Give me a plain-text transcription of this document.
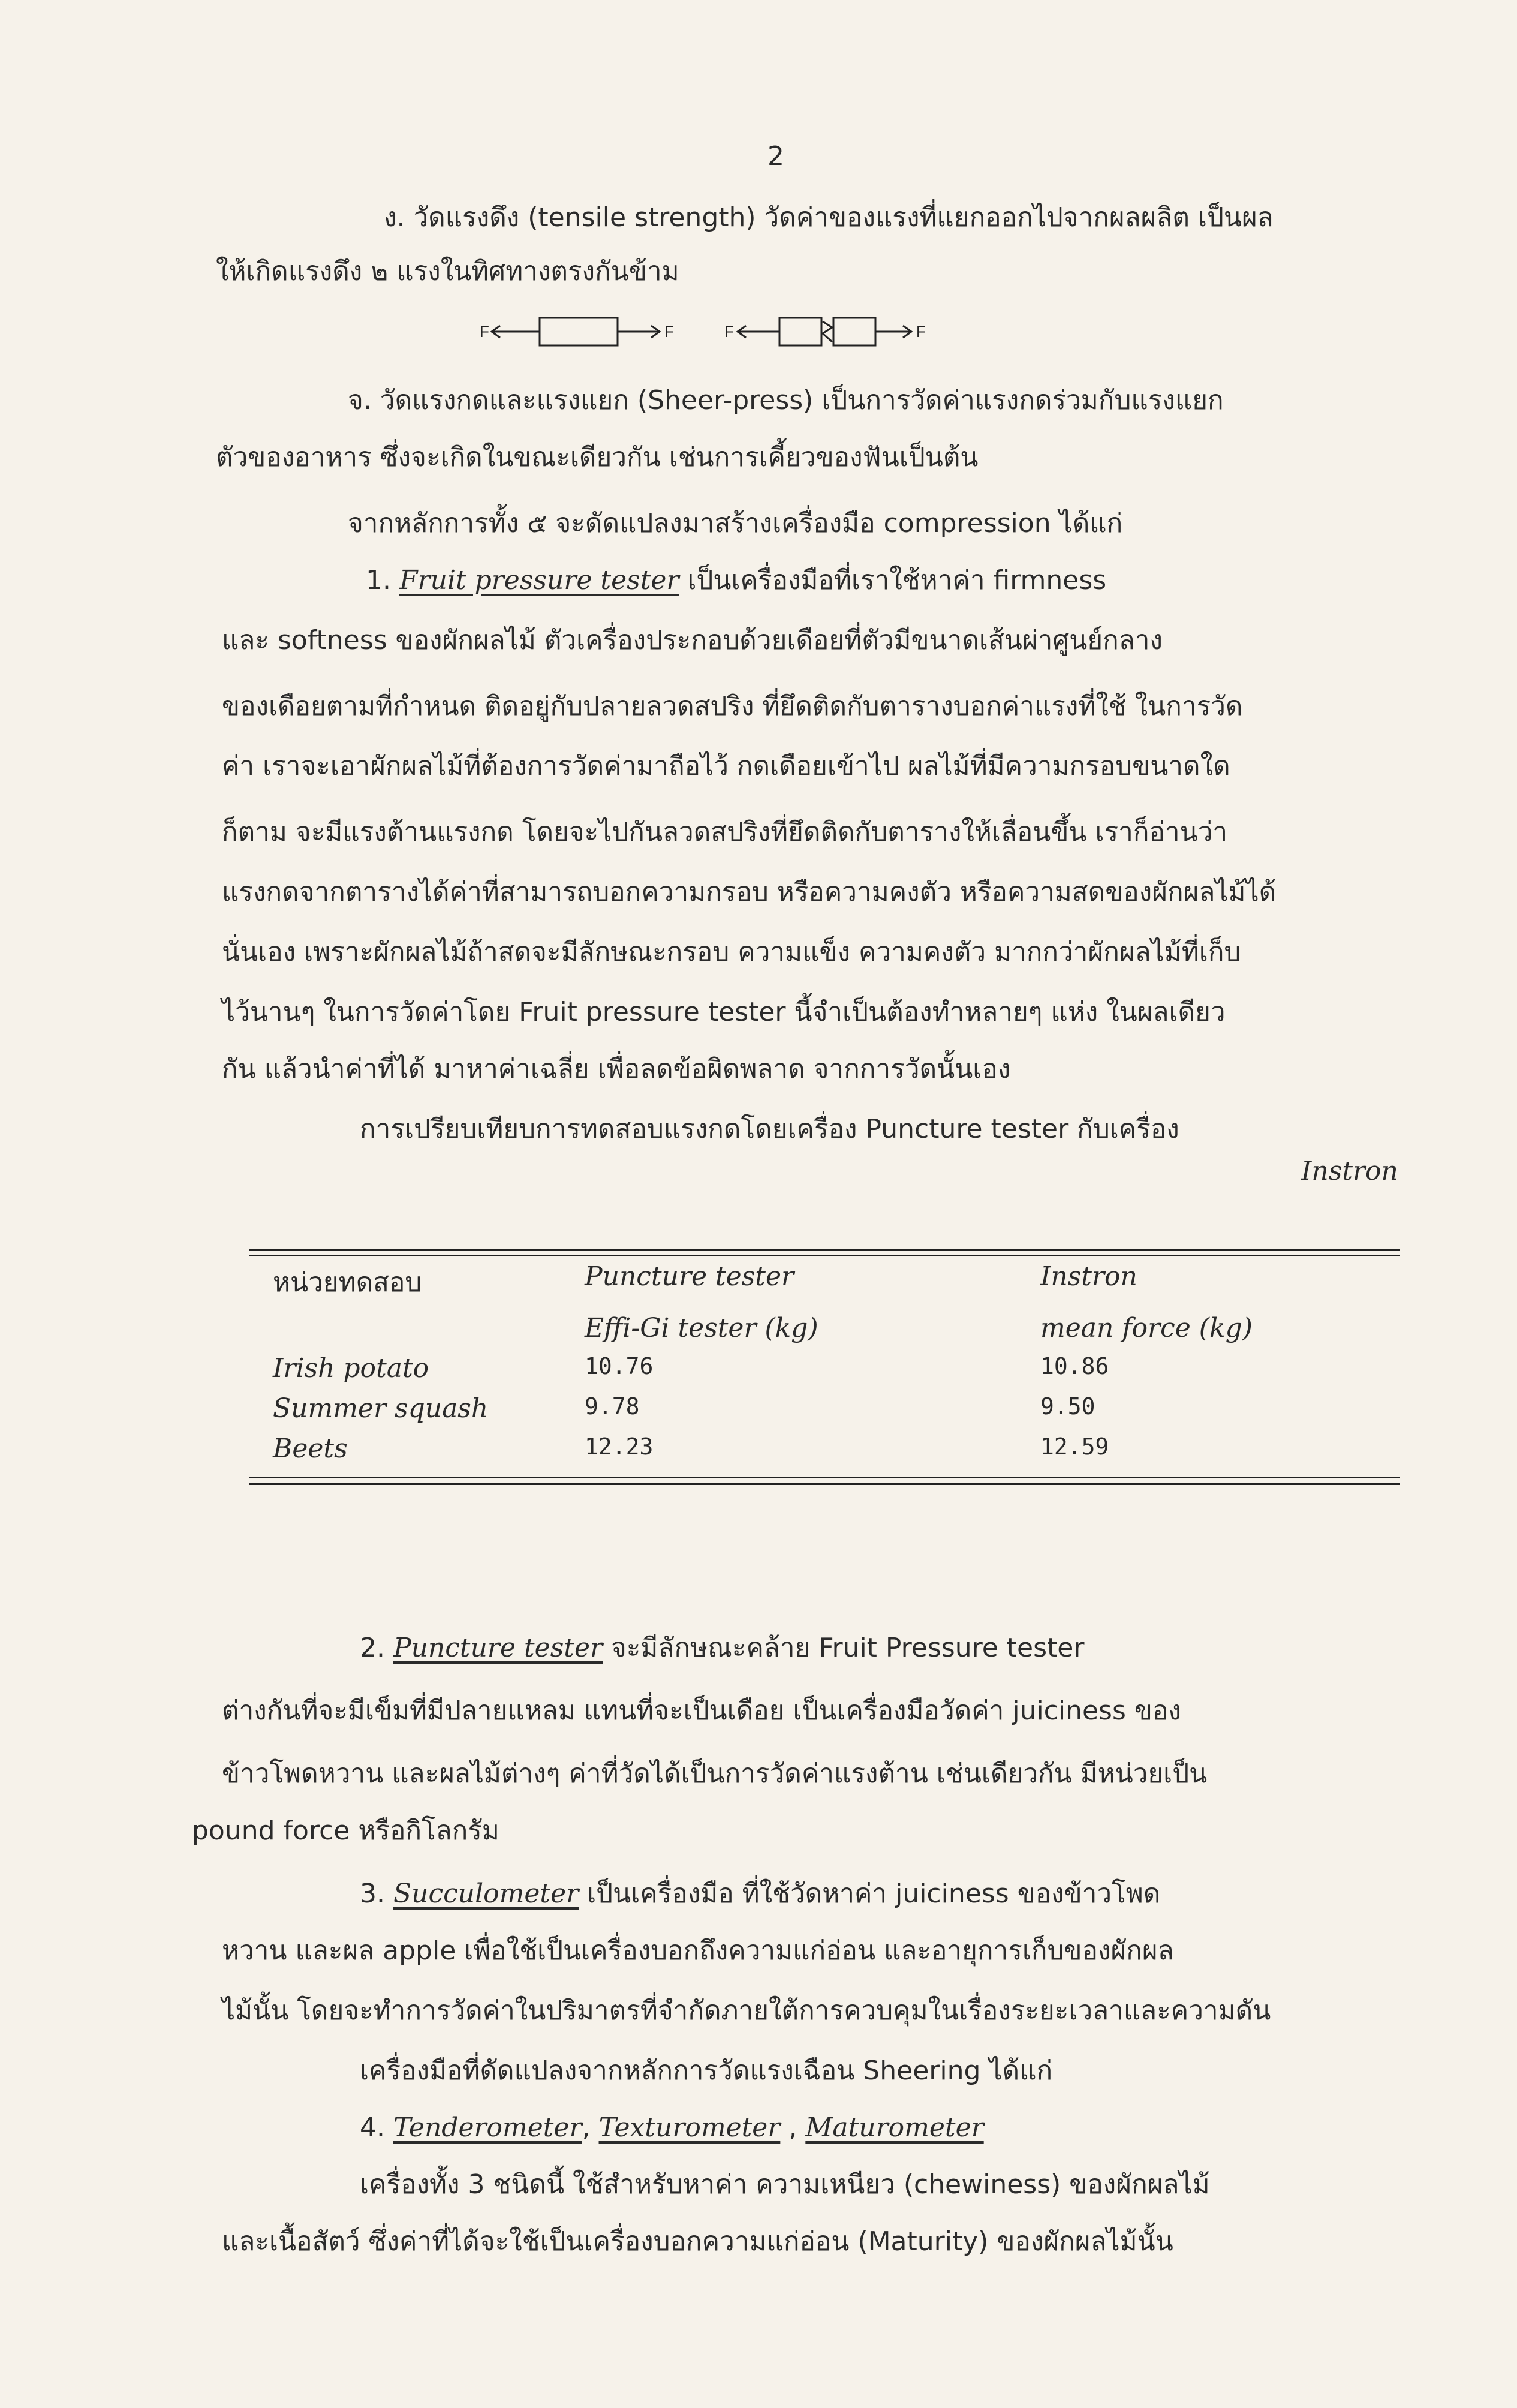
2
ง. วัดแรงดึง (tensile strength) วัดค่าของแรงที่แยกออกไปจากผลผลิต เป็นผล
ให้เกิดแรงดึง ๒ แรงในทิศทางตรงกันข้าม
F	F	F	F
จ. วัดแรงกดและแรงแยก (Sheer-press) เป็นการวัดค่าแรงกดร่วมกับแรงแยก
ตัวของอาหาร ซึ่งจะเกิดในขณะเดียวกัน เช่นการเคี้ยวของฟันเป็นต้น
จากหลักการทั้ง ๕ จะดัดแปลงมาสร้างเครื่องมือ compression ได้แก่
1. Fruit pressure tester เป็นเครื่องมือที่เราใช้หาค่า firmness
และ softness ของผักผลไม้ ตัวเครื่องประกอบด้วยเดือยที่ตัวมีขนาดเส้นผ่าศูนย์กลาง
ของเดือยตามที่กำหนด ติดอยู่กับปลายลวดสปริง ที่ยึดติดกับตารางบอกค่าแรงที่ใช้ ในการวัด
ค่า เราจะเอาผักผลไม้ที่ต้องการวัดค่ามาถือไว้ กดเดือยเข้าไป ผลไม้ที่มีความกรอบขนาดใด
ก็ตาม จะมีแรงต้านแรงกด โดยจะไปกันลวดสปริงที่ยึดติดกับตารางให้เลื่อนขึ้น เราก็อ่านว่า
แรงกดจากตารางได้ค่าที่สามารถบอกความกรอบ หรือความคงตัว หรือความสดของผักผลไม้ได้
นั่นเอง เพราะผักผลไม้ถ้าสดจะมีลักษณะกรอบ ความแข็ง ความคงตัว มากกว่าผักผลไม้ที่เก็บ
ไว้นานๆ ในการวัดค่าโดย Fruit pressure tester นี้จำเป็นต้องทำหลายๆ แห่ง ในผลเดียว
กัน แล้วนำค่าที่ได้ มาหาค่าเฉลี่ย เพื่อลดข้อผิดพลาด จากการวัดนั้นเอง
การเปรียบเทียบการทดสอบแรงกดโดยเครื่อง Puncture tester กับเครื่อง
Instron
หน่วยทดสอบ	Puncture tester	Instron
	Effi-Gi tester (kg)	mean force (kg)
Irish potato	10.76	10.86
Summer squash	9.78	9.50
Beets	12.23	12.59
2. Puncture tester จะมีลักษณะคล้าย Fruit Pressure tester
ต่างกันที่จะมีเข็มที่มีปลายแหลม แทนที่จะเป็นเดือย เป็นเครื่องมือวัดค่า juiciness ของ
ข้าวโพดหวาน และผลไม้ต่างๆ ค่าที่วัดได้เป็นการวัดค่าแรงต้าน เช่นเดียวกัน มีหน่วยเป็น
pound force หรือกิโลกรัม
3. Succulometer เป็นเครื่องมือ ที่ใช้วัดหาค่า juiciness ของข้าวโพด
หวาน และผล apple เพื่อใช้เป็นเครื่องบอกถึงความแก่อ่อน และอายุการเก็บของผักผล
ไม้นั้น โดยจะทำการวัดค่าในปริมาตรที่จำกัดภายใต้การควบคุมในเรื่องระยะเวลาและความดัน
เครื่องมือที่ดัดแปลงจากหลักการวัดแรงเฉือน Sheering ได้แก่
4. Tenderometer, Texturometer , Maturometer
เครื่องทั้ง 3 ชนิดนี้ ใช้สำหรับหาค่า ความเหนียว (chewiness) ของผักผลไม้
และเนื้อสัตว์ ซึ่งค่าที่ได้จะใช้เป็นเครื่องบอกความแก่อ่อน (Maturity) ของผักผลไม้นั้น
